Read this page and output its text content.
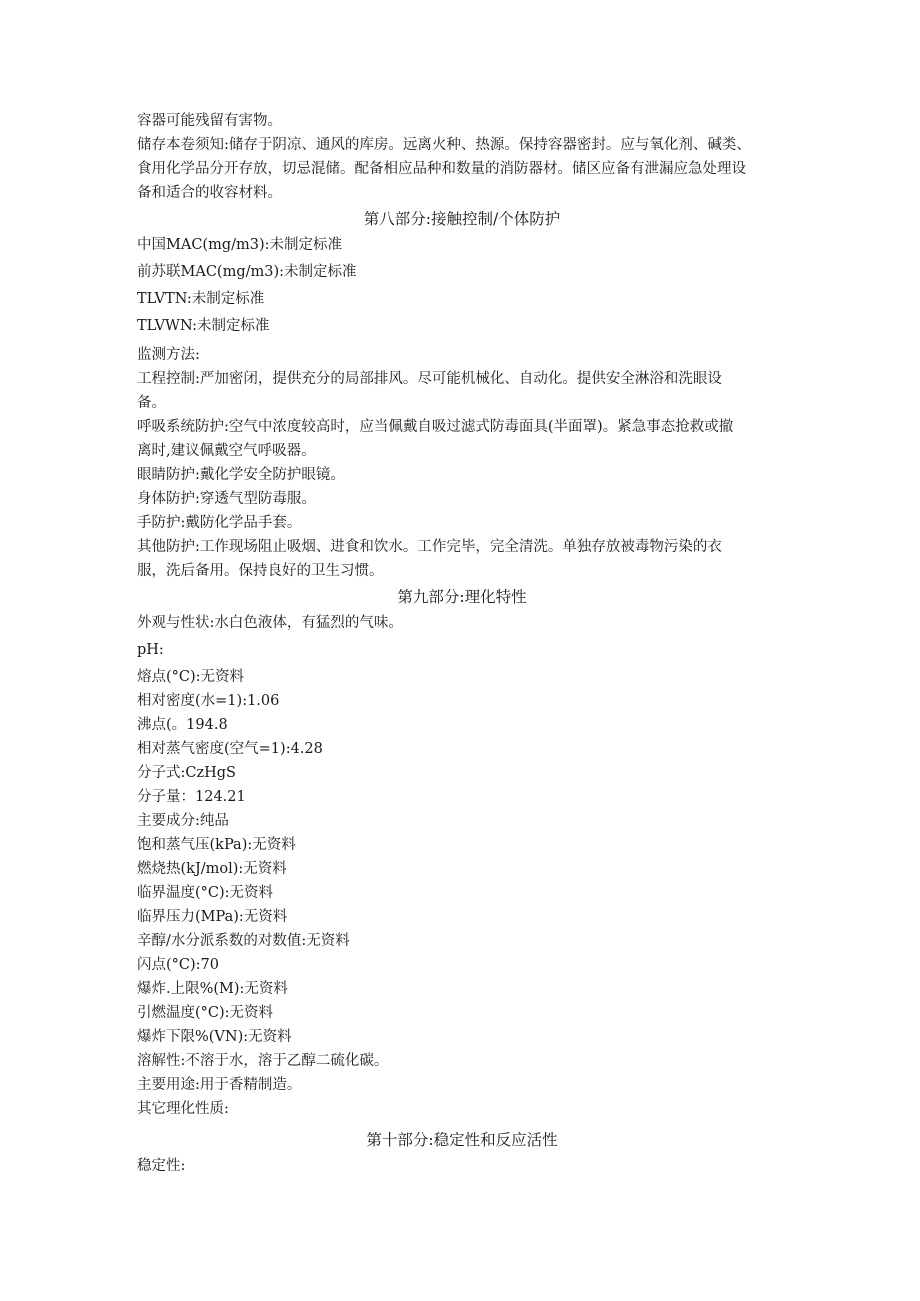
容器可能残留有害物。
储存本卷须知:储存于阴凉、通风的库房。远离火种、热源。保持容器密封。应与氧化剂、碱类、
食用化学品分开存放，切忌混储。配备相应品种和数量的消防器材。储区应备有泄漏应急处理设
备和适合的收容材料。
第八部分:接触控制/个体防护
中国MAC(mg/m3):未制定标准
前苏联MAC(mg/m3):未制定标准
TLVTN:未制定标准
TLVWN:未制定标准
监测方法:
工程控制:严加密闭，提供充分的局部排风。尽可能机械化、自动化。提供安全淋浴和洗眼设
备。
呼吸系统防护:空气中浓度较高时，应当佩戴自吸过滤式防毒面具(半面罩)。紧急事态抢救或撤
离时,建议佩戴空气呼吸器。
眼睛防护:戴化学安全防护眼镜。
身体防护:穿透气型防毒服。
手防护:戴防化学品手套。
其他防护:工作现场阻止吸烟、进食和饮水。工作完毕，完全清洗。单独存放被毒物污染的衣
服，洗后备用。保持良好的卫生习惯。
第九部分:理化特性
外观与性状:水白色液体，有猛烈的气味。
pH:
熔点(°C):无资料
相对密度(水=1):1.06
沸点(。194.8
相对蒸气密度(空气=1):4.28
分子式:CzHgS
分子量：124.21
主要成分:纯品
饱和蒸气压(kPa):无资料
燃烧热(kJ/mol):无资料
临界温度(°C):无资料
临界压力(MPa):无资料
辛醇/水分派系数的对数值:无资料
闪点(°C):70
爆炸.上限%(M):无资料
引燃温度(°C):无资料
爆炸下限%(VN):无资料
溶解性:不溶于水，溶于乙醇二硫化碳。
主要用途:用于香精制造。
其它理化性质:
第十部分:稳定性和反应活性
稳定性:
